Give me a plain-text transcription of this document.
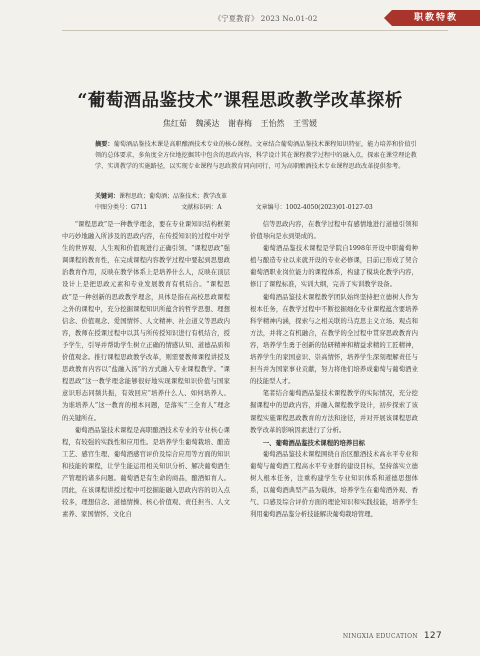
《宁夏教育》 2023 No.01-02	职教特教
“葡萄酒品鉴技术”课程思政教学改革探析
焦红茹 魏溪达 谢春梅 王怡然 王雪媛
摘要：葡萄酒品鉴技术课是高职酿酒技术专业的核心课程。文章结合葡萄酒品鉴技术课程知识特征，能力培养和价值引领的总体要求，多角度全方位地挖掘其中包含的思政内容，科学设计其在课程教学过程中的融入点，探索在课堂理论教学、实训教学的实施路径，以实现专业课程与思政教育同向同行，可为高职酿酒技术专业课程思政改革提供参考。
关键词：课程思政；葡萄酒；品鉴技术；教学改革
中图分类号：G711	文献标识码：A	文章编号：1002-4050(2023)01-0127-03

“课程思政”是一种教学理念，要在专业课知识结构框架中巧妙地融入所涉及的思政内容，在传授知识的过程中对学生的世界观、人生观和价值观进行正确引领。“课程思政”强调课程的教育性，在完成课程内容教学过程中要起到思想政治教育作用，反映在教学体系上是培养什么人，反映在顶层设计上是把思政元素和专业发展教育有机结合。“课程思政”是一种创新的思政教学理念，具体是指在高校思政课程之外的课程中，充分挖掘课程知识所蕴含的哲学思想、理想信念、价值观念、爱国情怀、人文精神、社会道义等思政内容，教师在授课过程中以其与所传授知识进行有机结合，授予学生，引导并帮助学生树立正确的情感认知、道德品质和价值观念。推行课程思政教学改革，则需要教师课程讲授及思政教育内容以“盐融入汤”的方式融入专业课程教学。“课程思政”这一教学理念能够很好地实现课程知识价值与国家意识形态同频共振，有效回应“培养什么人、如何培养人、为谁培养人”这一教育的根本问题，是落实“三全育人”理念的关键所在。

葡萄酒品鉴技术课程是高职酿酒技术专业的专业核心课程，有较强的实践性和应用性。是培养学生葡萄栽培、酿造工艺、感官生理、葡萄酒感官评价及综合应用等方面的知识和技能的课程，让学生能运用相关知识分析、解决葡萄酒生产管理的诸多问题。葡萄酒是有生命的商品，酿酒如育人。因此，在该课程讲授过程中可挖掘能融入思政内容的切入点较多，理想信念、道德情操、核心价值观、责任担当、人文素养、家国情怀、文化自

信等思政内容，在教学过程中有感情地进行道德引领和价值导向是水到渠成的。

葡萄酒品鉴技术课程是学院自1998年开设中职葡萄种植与酿造专业以来就开设的专业必修课，目前已形成了契合葡萄酒职业岗位能力的课程体系，构建了模块化教学内容，修订了课程标准，实训大纲，完善了实训教学设备。

葡萄酒品鉴技术课程教学团队始终坚持把立德树人作为根本任务，在教学过程中不断挖掘细化专业课程蕴含要培养科学精神内涵，探索与之相关联的马克思主义立场、观点和方法，并将之有机融合，在教学的全过程中贯穿思政教育内容，培养学生勇于创新的钻研精神和精益求精的工匠精神，培养学生的家国意识、崇高情怀，培养学生深刻理解责任与担当并为国家事业贡献，努力将他们培养成葡萄与葡萄酒业的技能型人才。

笔者结合葡萄酒品鉴技术课程教学的实际情况，充分挖掘课程中的思政内容，并融入课程教学设计，初步探索了该课程实施课程思政教育的方法和途径，并对开展该课程思政教学改革的影响因素进行了分析。

一、葡萄酒品鉴技术课程的培养目标

葡萄酒品鉴技术课程围绕自治区酿酒技术高水平专业和葡萄与葡萄酒工程高水平专业群的建设目标，坚持落实立德树人根本任务，注重构建学生专业知识体系和道德思想体系，以葡萄酒典型产品为载体，培养学生在葡萄酒外观、香气、口感及综合评价方面的理论知识和实践技能，培养学生利用葡萄酒品鉴分析技能解决葡萄栽培管理、

NINGXIA EDUCATION 127
